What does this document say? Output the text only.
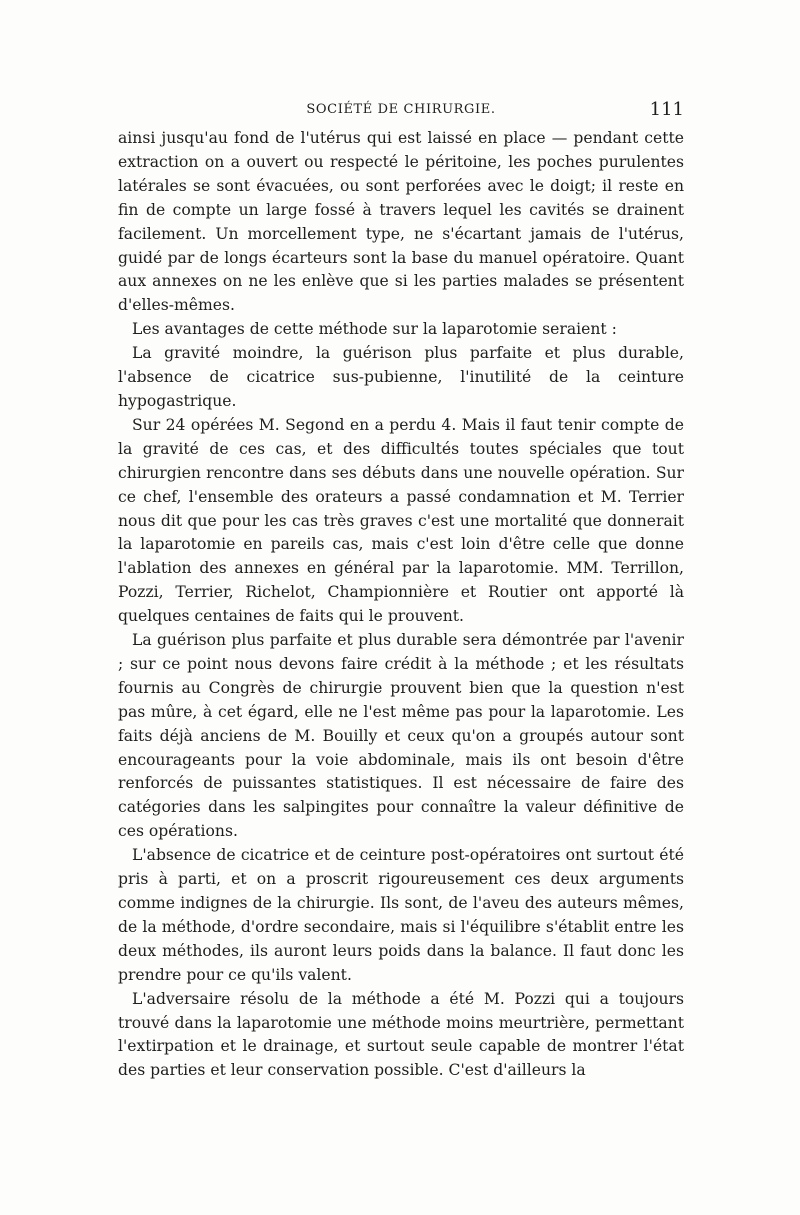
SOCIÉTÉ DE CHIRURGIE.	111

ainsi jusqu'au fond de l'utérus qui est laissé en place — pendant cette extraction on a ouvert ou respecté le péritoine, les poches purulentes latérales se sont évacuées, ou sont perforées avec le doigt; il reste en fin de compte un large fossé à travers lequel les cavités se drainent facilement. Un morcellement type, ne s'écartant jamais de l'utérus, guidé par de longs écarteurs sont la base du manuel opératoire. Quant aux annexes on ne les enlève que si les parties malades se présentent d'elles-mêmes.

Les avantages de cette méthode sur la laparotomie seraient :

La gravité moindre, la guérison plus parfaite et plus durable, l'absence de cicatrice sus-pubienne, l'inutilité de la ceinture hypogastrique.

Sur 24 opérées M. Segond en a perdu 4. Mais il faut tenir compte de la gravité de ces cas, et des difficultés toutes spéciales que tout chirurgien rencontre dans ses débuts dans une nouvelle opération. Sur ce chef, l'ensemble des orateurs a passé condamnation et M. Terrier nous dit que pour les cas très graves c'est une mortalité que donnerait la laparotomie en pareils cas, mais c'est loin d'être celle que donne l'ablation des annexes en général par la laparotomie. MM. Terrillon, Pozzi, Terrier, Richelot, Championnière et Routier ont apporté là quelques centaines de faits qui le prouvent.

La guérison plus parfaite et plus durable sera démontrée par l'avenir ; sur ce point nous devons faire crédit à la méthode ; et les résultats fournis au Congrès de chirurgie prouvent bien que la question n'est pas mûre, à cet égard, elle ne l'est même pas pour la laparotomie. Les faits déjà anciens de M. Bouilly et ceux qu'on a groupés autour sont encourageants pour la voie abdominale, mais ils ont besoin d'être renforcés de puissantes statistiques. Il est nécessaire de faire des catégories dans les salpingites pour connaître la valeur définitive de ces opérations.

L'absence de cicatrice et de ceinture post-opératoires ont surtout été pris à parti, et on a proscrit rigoureusement ces deux arguments comme indignes de la chirurgie. Ils sont, de l'aveu des auteurs mêmes, de la méthode, d'ordre secondaire, mais si l'équilibre s'établit entre les deux méthodes, ils auront leurs poids dans la balance. Il faut donc les prendre pour ce qu'ils valent.

L'adversaire résolu de la méthode a été M. Pozzi qui a toujours trouvé dans la laparotomie une méthode moins meurtrière, permettant l'extirpation et le drainage, et surtout seule capable de montrer l'état des parties et leur conservation possible. C'est d'ailleurs la
